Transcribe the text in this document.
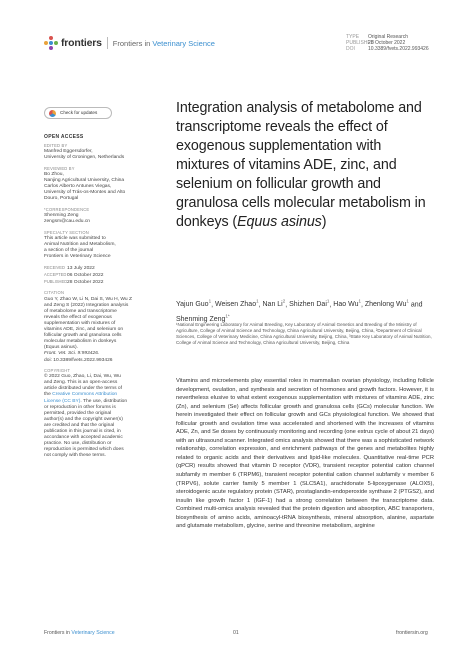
frontiers Frontiers in Veterinary Science
TYPE Original Research
PUBLISHED28 October 2022
DOI	10.3389/fvets.2022.993426
Check for updates
OPEN ACCESS
EDITED BY
Manfred Eggersdorfer,
University of Groningen, Netherlands
REVIEWED BY
Bo Zhou,
Nanjing Agricultural University, China
Carlos Alberto Antunes Viegas,
University of Trás-os-Montes and Alto
Douro, Portugal
*CORRESPONDENCE
Shenming Zeng
zengsm@cau.edu.cn
SPECIALTY SECTION
This article was submitted to
Animal Nutrition and Metabolism,
a section of the journal
Frontiers in Veterinary Science
RECEIVED 13 July 2022
ACCEPTED06 October 2022
PUBLISHED28 October 2022
CITATION
Guo Y, Zhao W, Li N, Dai S, Wu H, Wu Z
and Zeng S (2022) Integration analysis
of metabolome and transcriptome
reveals the effect of exogenous
supplementation with mixtures of
vitamins ADE, zinc, and selenium on
follicular growth and granulosa cells
molecular metabolism in donkeys
(Equus asinus).
Front. Vet. Sci. 9:993426.
doi: 10.3389/fvets.2022.993426
COPYRIGHT
© 2022 Guo, Zhao, Li, Dai, Wu, Wu
and Zeng. This is an open-access
article distributed under the terms of
the Creative Commons Attribution
License (CC BY). The use, distribution
or reproduction in other forums is
permitted, provided the original
author(s) and the copyright owner(s)
are credited and that the original
publication in this journal is cited, in
accordance with accepted academic
practice. No use, distribution or
reproduction is permitted which does
not comply with these terms.
Integration analysis of metabolome and transcriptome reveals the effect of exogenous supplementation with mixtures of vitamins ADE, zinc, and selenium on follicular growth and granulosa cells molecular metabolism in donkeys (Equus asinus)
Yajun Guo$^1$, Weisen Zhao$^1$, Nan Li$^2$, Shizhen Dai$^1$, Hao Wu$^1$, Zhenlong Wu$^1$ and Shenming Zeng$^{1*}$
¹National Engineering Laboratory for Animal Breeding, Key Laboratory of Animal Genetics and Breeding of the Ministry of Agriculture, College of Animal Science and Technology, China Agricultural University, Beijing, China, ²Department of Clinical Sciences, College of Veterinary Medicine, China Agricultural University, Beijing, China, ³State Key Laboratory of Animal Nutrition, College of Animal Science and Technology, China Agricultural University, Beijing, China
Vitamins and microelements play essential roles in mammalian ovarian physiology, including follicle development, ovulation, and synthesis and secretion of hormones and growth factors. However, it is nevertheless elusive to what extent exogenous supplementation with mixtures of vitamins ADE, zinc (Zn), and selenium (Se) affects follicular growth and granulosa cells (GCs) molecular function. We herein investigated their effect on follicular growth and GCs physiological function. We showed that follicular growth and ovulation time was accelerated and shortened with the increases of vitamins ADE, Zn, and Se doses by continuously monitoring and recording (one estrus cycle of about 21 days) with an ultrasound scanner. Integrated omics analysis showed that there was a sophisticated network relationship, correlation expression, and enrichment pathways of the genes and metabolites highly related to organic acids and their derivatives and lipid-like molecules. Quantitative real-time PCR (qPCR) results showed that vitamin D receptor (VDR), transient receptor potential cation channel subfamily m member 6 (TRPM6), transient receptor potential cation channel subfamily v member 6 (TRPV6), solute carrier family 5 member 1 (SLC5A1), arachidonate 5-lipoxygenase (ALOX5), steroidogenic acute regulatory protein (STAR), prostaglandin-endoperoxide synthase 2 (PTGS2), and insulin like growth factor 1 (IGF-1) had a strong correlation between the transcriptome data. Combined multi-omics analysis revealed that the protein digestion and absorption, ABC transporters, biosynthesis of amino acids, aminoacyl-tRNA biosynthesis, mineral absorption, alanine, aspartate and glutamate metabolism, glycine, serine and threonine metabolism, arginine
Frontiers in Veterinary Science	01	frontiersin.org
